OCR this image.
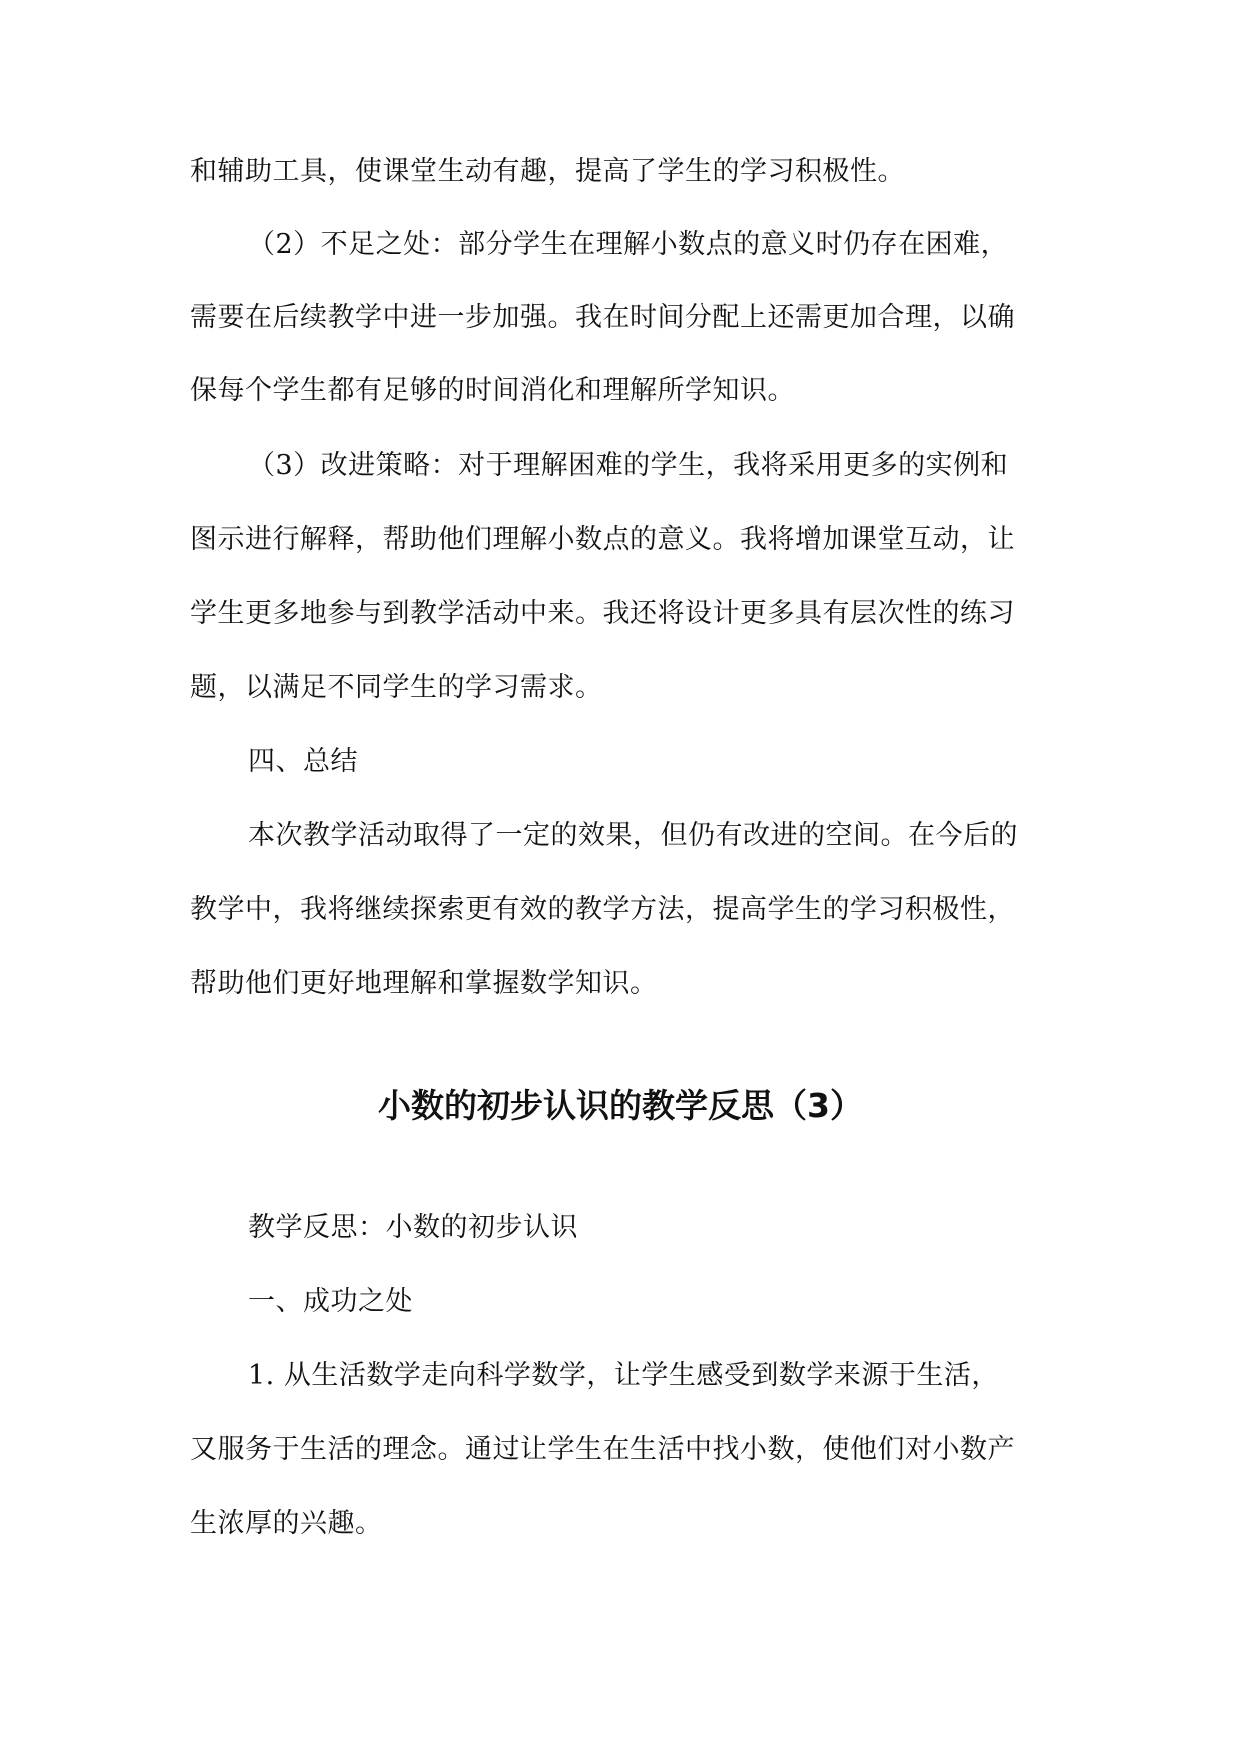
和辅助工具，使课堂生动有趣，提高了学生的学习积极性。
（2）不足之处：部分学生在理解小数点的意义时仍存在困难，
需要在后续教学中进一步加强。我在时间分配上还需更加合理，以确
保每个学生都有足够的时间消化和理解所学知识。
（3）改进策略：对于理解困难的学生，我将采用更多的实例和
图示进行解释，帮助他们理解小数点的意义。我将增加课堂互动，让
学生更多地参与到教学活动中来。我还将设计更多具有层次性的练习
题，以满足不同学生的学习需求。
四、总结
本次教学活动取得了一定的效果，但仍有改进的空间。在今后的
教学中，我将继续探索更有效的教学方法，提高学生的学习积极性，
帮助他们更好地理解和掌握数学知识。
小数的初步认识的教学反思（3）
教学反思：小数的初步认识
一、成功之处
1. 从生活数学走向科学数学，让学生感受到数学来源于生活，
又服务于生活的理念。通过让学生在生活中找小数，使他们对小数产
生浓厚的兴趣。
